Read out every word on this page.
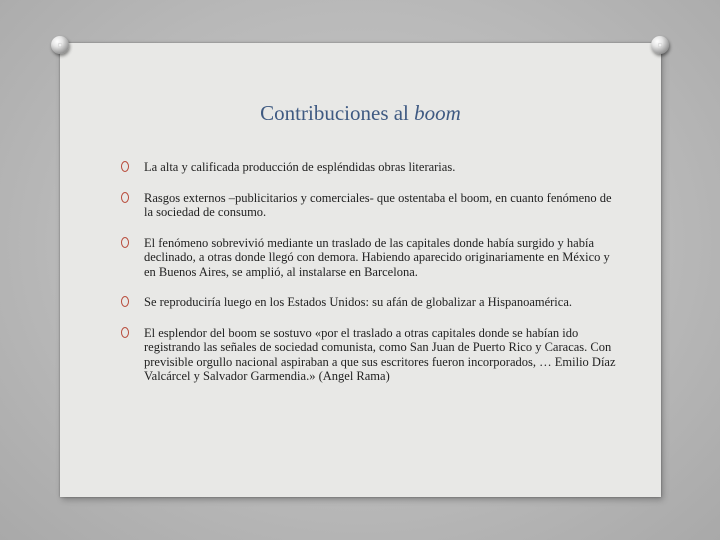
Contribuciones al boom
La alta y calificada producción de espléndidas obras literarias.
Rasgos externos –publicitarios y comerciales- que ostentaba el boom, en cuanto fenómeno de la sociedad de consumo.
El fenómeno sobrevivió mediante un traslado de las capitales donde había surgido y había declinado, a otras donde llegó con demora. Habiendo aparecido originariamente en México y en Buenos Aires, se amplió, al instalarse en Barcelona.
Se reproduciría luego en los Estados Unidos: su afán de globalizar a Hispanoamérica.
El esplendor del boom se sostuvo «por el traslado a otras capitales donde se habían ido registrando las señales de sociedad comunista, como San Juan de Puerto Rico y Caracas. Con previsible orgullo nacional aspiraban a que sus escritores fueron incorporados, … Emilio Díaz Valcárcel y Salvador Garmendia.» (Angel Rama)
